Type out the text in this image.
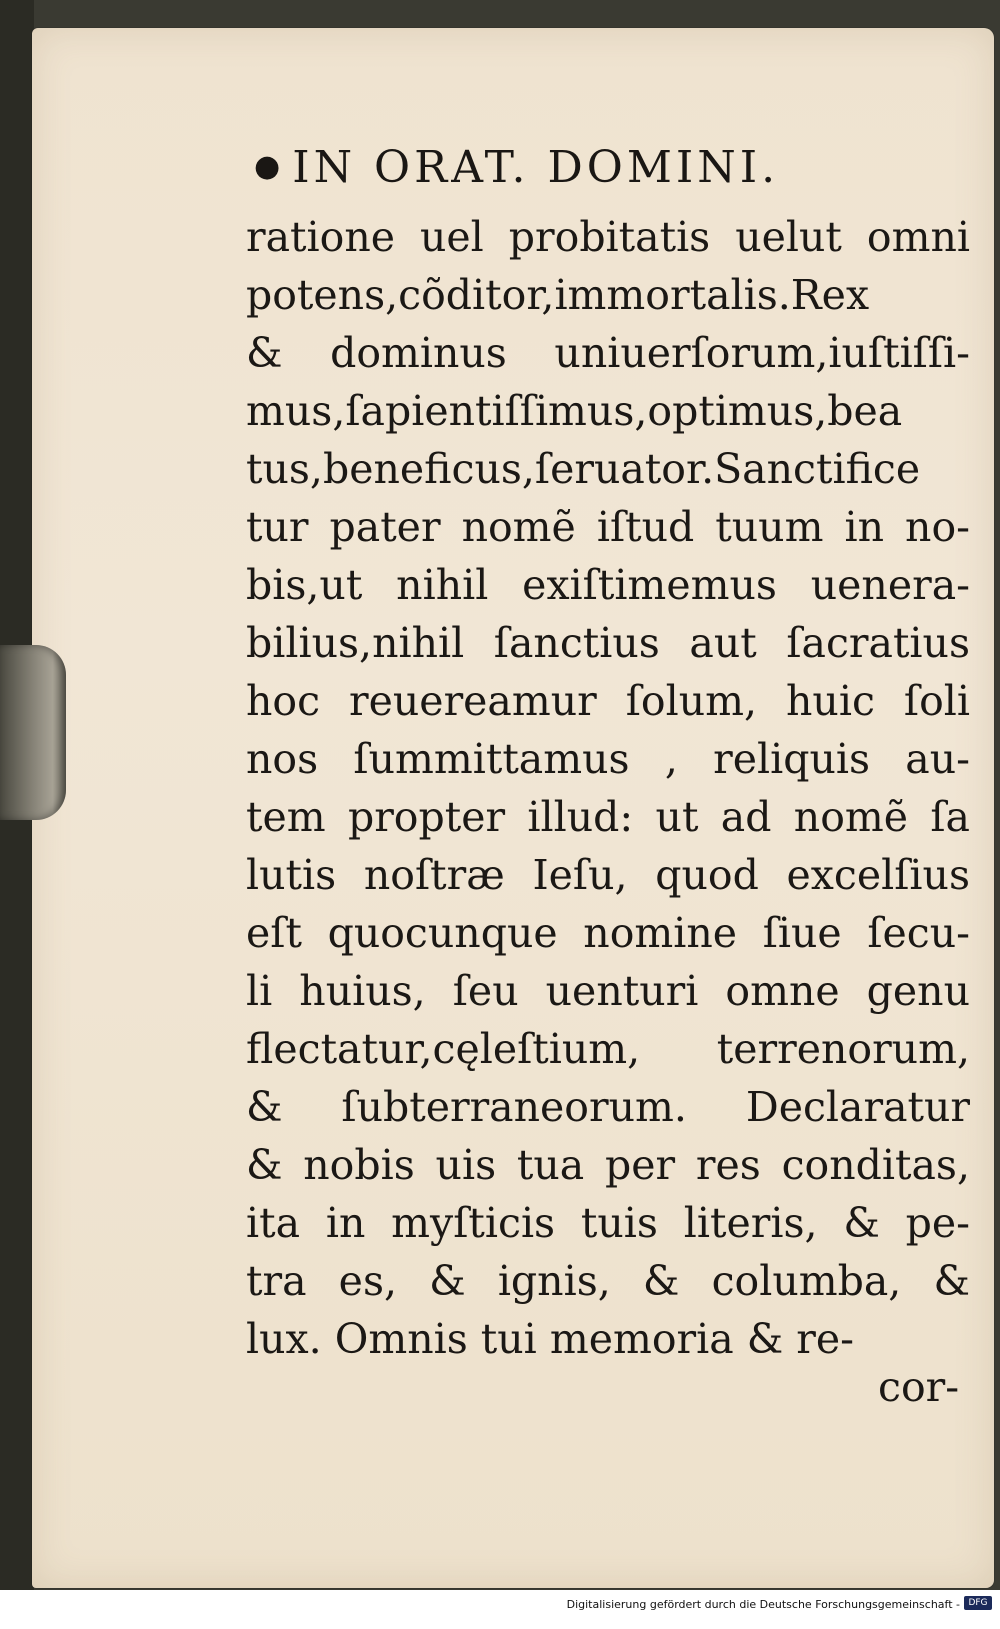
● IN ORAT. DOMINI.
ratione uel probitatis uelut omni
potens,cõditor,immortalis.Rex
& dominus uniuerſorum,iuſtiſſi-
mus,ſapientiſſimus,optimus,bea
tus,beneficus,ſeruator.Sanctifice
tur pater nomẽ iſtud tuum in no-
bis,ut nihil exiſtimemus uenera-
bilius,nihil ſanctius aut ſacratius
hoc reuereamur ſolum, huic ſoli
nos ſummittamus , reliquis au-
tem propter illud: ut ad nomẽ ſa
lutis noſtræ Ieſu, quod excelſius
eſt quocunque nomine ſiue ſecu-
li huius, ſeu uenturi omne genu
flectatur,cęleſtium, terrenorum,
& ſubterraneorum. Declaratur
& nobis uis tua per res conditas,
ita in myſticis tuis literis, & pe-
tra es, & ignis, & columba, &
lux. Omnis tui memoria & re-
cor-
Digitalisierung gefördert durch die Deutsche Forschungsgemeinschaft - DFG
